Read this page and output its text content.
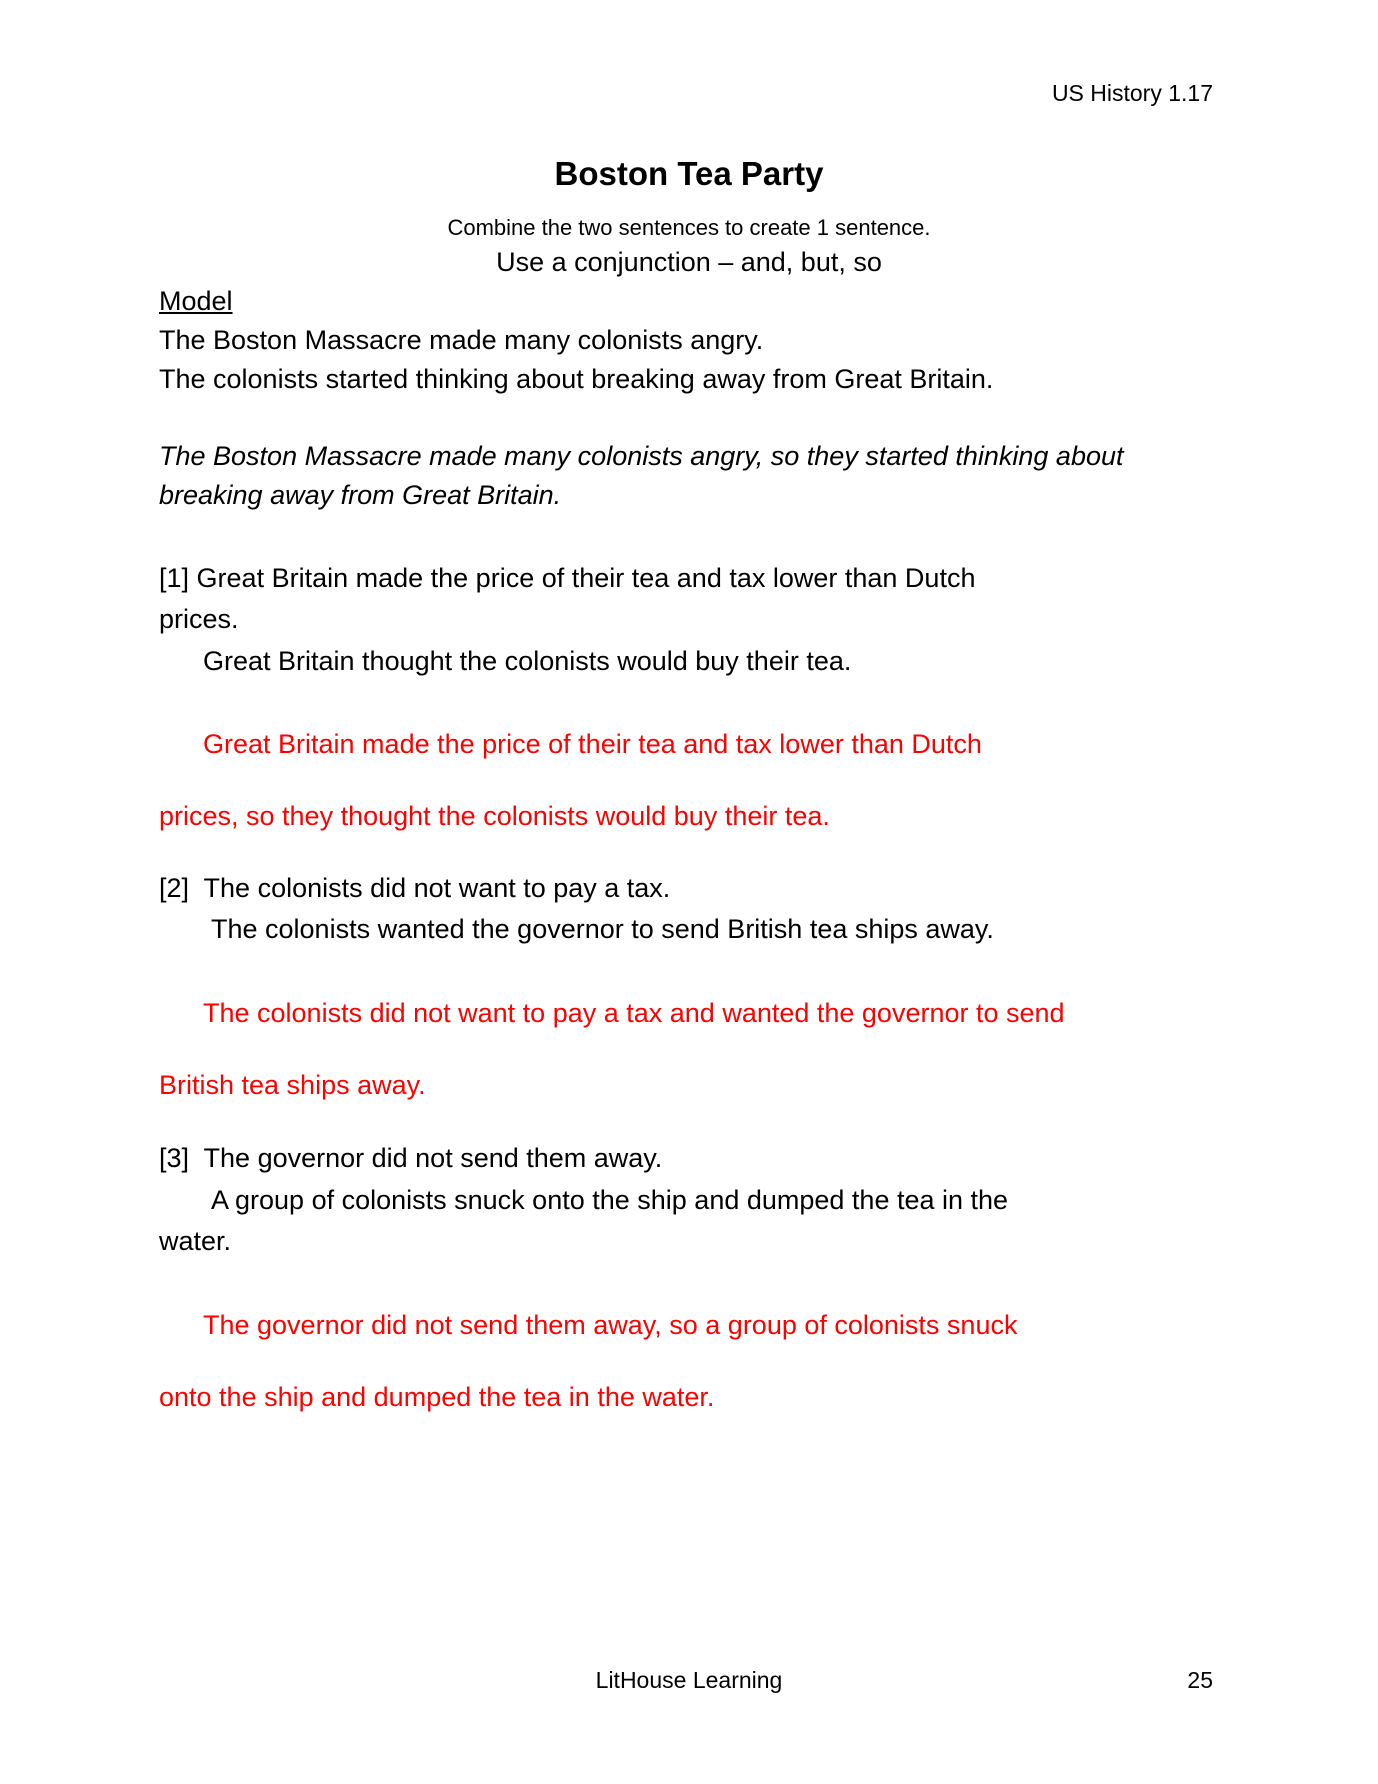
US History 1.17
Boston Tea Party
Combine the two sentences to create 1 sentence.
Use a conjunction – and, but, so
Model
The Boston Massacre made many colonists angry.
The colonists started thinking about breaking away from Great Britain.
The Boston Massacre made many colonists angry, so they started thinking about
breaking away from Great Britain.
[1] Great Britain made the price of their tea and tax lower than Dutch
prices.
Great Britain thought the colonists would buy their tea.
Great Britain made the price of their tea and tax lower than Dutch
prices, so they thought the colonists would buy their tea.
[2] The colonists did not want to pay a tax.
The colonists wanted the governor to send British tea ships away.
The colonists did not want to pay a tax and wanted the governor to send
British tea ships away.
[3] The governor did not send them away.
A group of colonists snuck onto the ship and dumped the tea in the
water.
The governor did not send them away, so a group of colonists snuck
onto the ship and dumped the tea in the water.
LitHouse Learning	25
